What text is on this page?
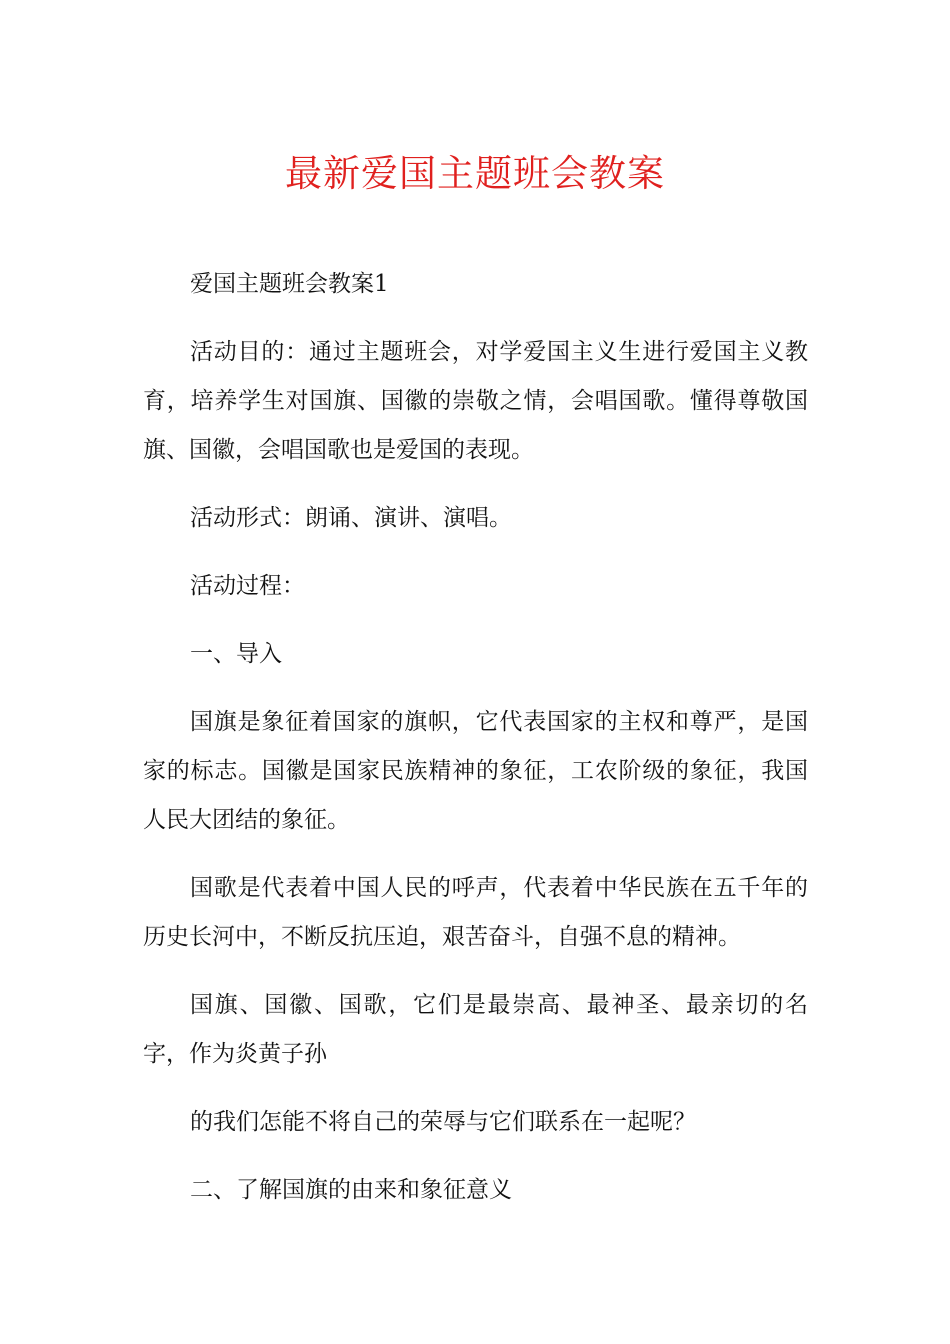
最新爱国主题班会教案

爱国主题班会教案1

活动目的：通过主题班会，对学爱国主义生进行爱国主义教育，培养学生对国旗、国徽的崇敬之情，会唱国歌。懂得尊敬国旗、国徽，会唱国歌也是爱国的表现。

活动形式：朗诵、演讲、演唱。

活动过程：

一、导入

国旗是象征着国家的旗帜，它代表国家的主权和尊严，是国家的标志。国徽是国家民族精神的象征，工农阶级的象征，我国人民大团结的象征。

国歌是代表着中国人民的呼声，代表着中华民族在五千年的历史长河中，不断反抗压迫，艰苦奋斗，自强不息的精神。

国旗、国徽、国歌，它们是最崇高、最神圣、最亲切的名字，作为炎黄子孙

的我们怎能不将自己的荣辱与它们联系在一起呢？

二、了解国旗的由来和象征意义
